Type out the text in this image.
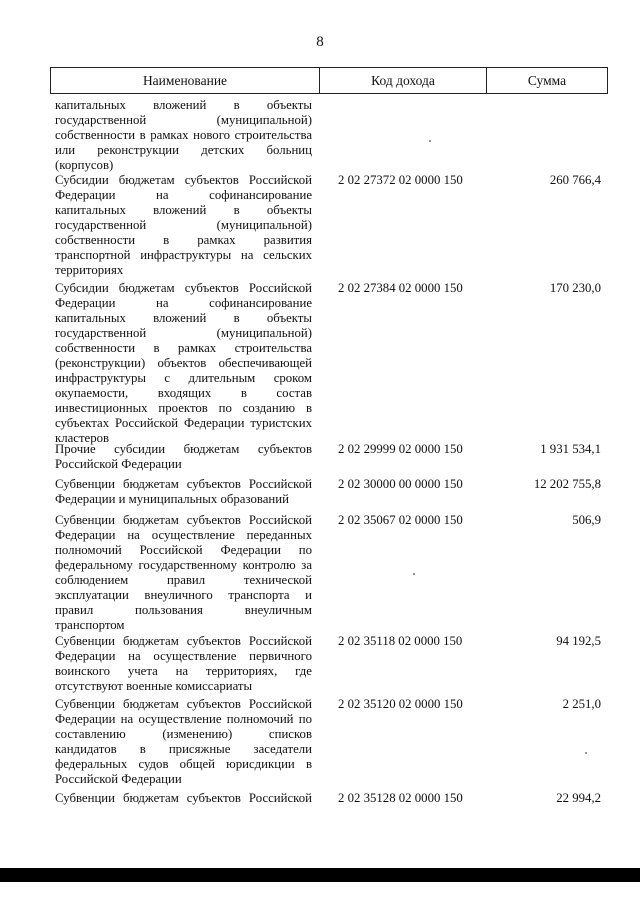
8
Наименование	Код дохода	Сумма
капитальных вложений в объекты
государственной (муниципальной)
собственности в рамках нового строительства
или реконструкции детских больниц
(корпусов)
Субсидии бюджетам субъектов Российской
Федерации на софинансирование
капитальных вложений в объекты
государственной (муниципальной)
собственности в рамках развития
транспортной инфраструктуры на сельских
территориях
2 02 27372 02 0000 150	260 766,4
Субсидии бюджетам субъектов Российской
Федерации на софинансирование
капитальных вложений в объекты
государственной (муниципальной)
собственности в рамках строительства
(реконструкции) объектов обеспечивающей
инфраструктуры с длительным сроком
окупаемости, входящих в состав
инвестиционных проектов по созданию в
субъектах Российской Федерации туристских
кластеров
2 02 27384 02 0000 150	170 230,0
Прочие субсидии бюджетам субъектов
Российской Федерации
2 02 29999 02 0000 150	1 931 534,1
Субвенции бюджетам субъектов Российской
Федерации и муниципальных образований
2 02 30000 00 0000 150	12 202 755,8
Субвенции бюджетам субъектов Российской
Федерации на осуществление переданных
полномочий Российской Федерации по
федеральному государственному контролю за
соблюдением правил технической
эксплуатации внеуличного транспорта и
правил пользования внеуличным
транспортом
2 02 35067 02 0000 150	506,9
Субвенции бюджетам субъектов Российской
Федерации на осуществление первичного
воинского учета на территориях, где
отсутствуют военные комиссариаты
2 02 35118 02 0000 150	94 192,5
Субвенции бюджетам субъектов Российской
Федерации на осуществление полномочий по
составлению (изменению) списков
кандидатов в присяжные заседатели
федеральных судов общей юрисдикции в
Российской Федерации
2 02 35120 02 0000 150	2 251,0
Субвенции бюджетам субъектов Российской 2 02 35128 02 0000 150	22 994,2
